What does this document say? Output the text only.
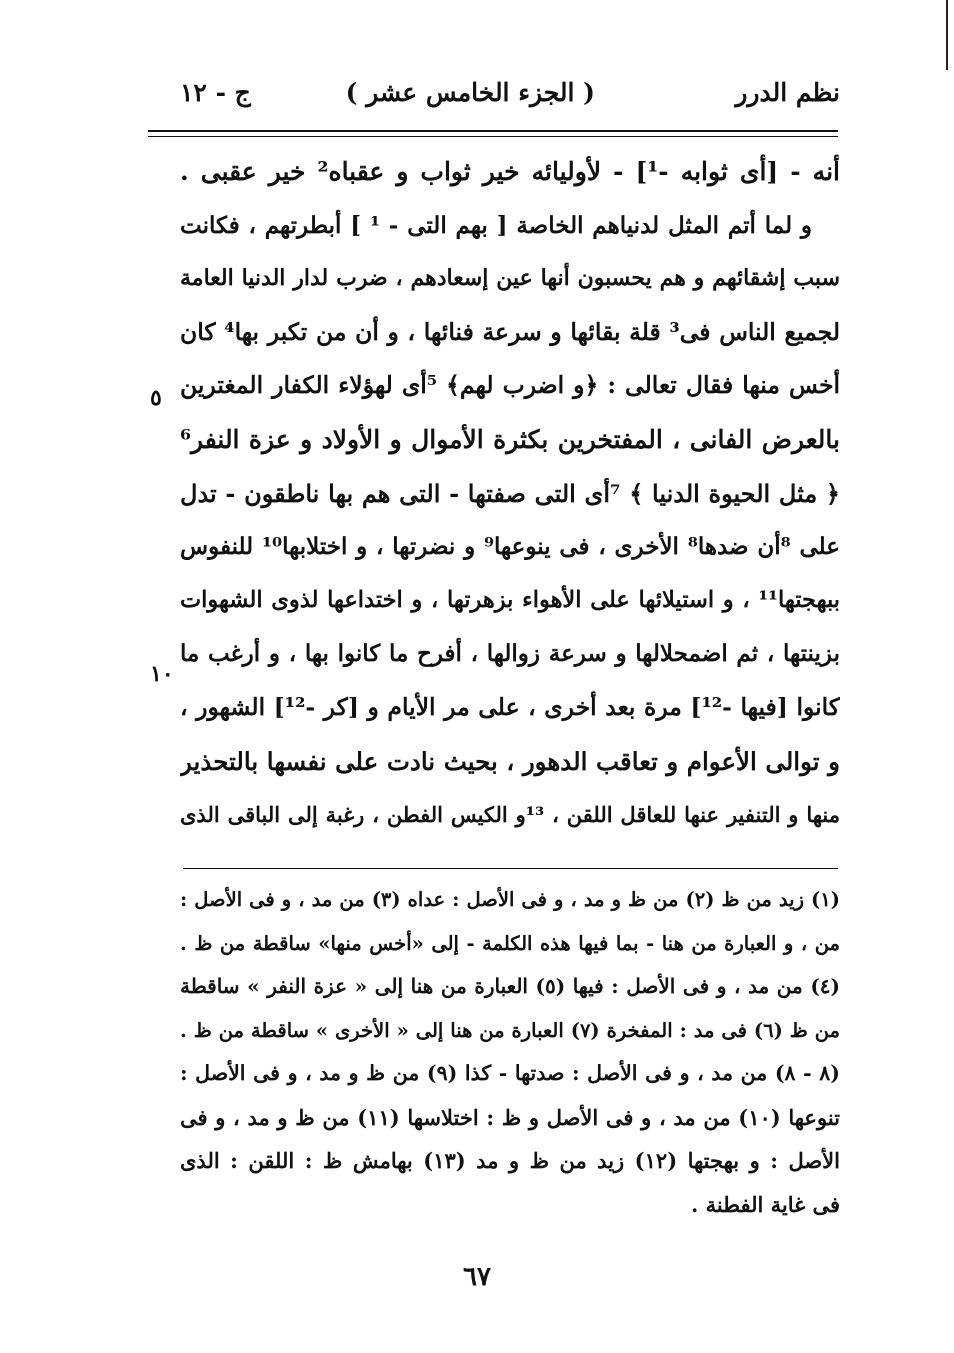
نظم الدرر
( الجزء الخامس عشر )
ج - ١٢
أنه - [أى ثوابه -¹] - لأوليائه خير ثواب و عقباه² خير عقبى .
و لما أتم المثل لدنياهم الخاصة [ بهم التى - ¹ ] أبطرتهم ، فكانت
سبب إشقائهم و هم يحسبون أنها عين إسعادهم ، ضرب لدار الدنيا العامة
لجميع الناس فى³ قلة بقائها و سرعة فنائها ، و أن من تكبر بها⁴ كان
أخس منها فقال تعالى : ﴿و اضرب لهم﴾ ⁵أى لهؤلاء الكفار المغترين
بالعرض الفانى ، المفتخرين بكثرة الأموال و الأولاد و عزة النفر⁶
﴿ مثل الحيوة الدنيا ﴾ ⁷أى التى صفتها - التى هم بها ناطقون - تدل
على ⁸أن ضدها⁸ الأخرى ، فى ينوعها⁹ و نضرتها ، و اختلابها¹⁰ للنفوس
ببهجتها¹¹ ، و استيلائها على الأهواء بزهرتها ، و اختداعها لذوى الشهوات
بزينتها ، ثم اضمحلالها و سرعة زوالها ، أفرح ما كانوا بها ، و أرغب ما
كانوا [فيها -¹²] مرة بعد أخرى ، على مر الأيام و [كر -¹²] الشهور ،
و توالى الأعوام و تعاقب الدهور ، بحيث نادت على نفسها بالتحذير
منها و التنفير عنها للعاقل اللقن ، ¹³و الكيس الفطن ، رغبة إلى الباقى الذى
٥
١٠
(١) زيد من ظ (٢) من ظ و مد ، و فى الأصل : عداه (٣) من مد ، و فى الأصل :
من ، و العبارة من هنا - بما فيها هذه الكلمة - إلى «أخس منها» ساقطة من ظ .
(٤) من مد ، و فى الأصل : فيها (٥) العبارة من هنا إلى « عزة النفر » ساقطة
من ظ (٦) فى مد : المفخرة (٧) العبارة من هنا إلى « الأخرى » ساقطة من ظ .
(٨ - ٨) من مد ، و فى الأصل : صدتها - كذا (٩) من ظ و مد ، و فى الأصل :
تنوعها (١٠) من مد ، و فى الأصل و ظ : اختلاسها (١١) من ظ و مد ، و فى
الأصل : و بهجتها (١٢) زيد من ظ و مد (١٣) بهامش ظ : اللقن : الذى
فى غاية الفطنة .
٦٧
